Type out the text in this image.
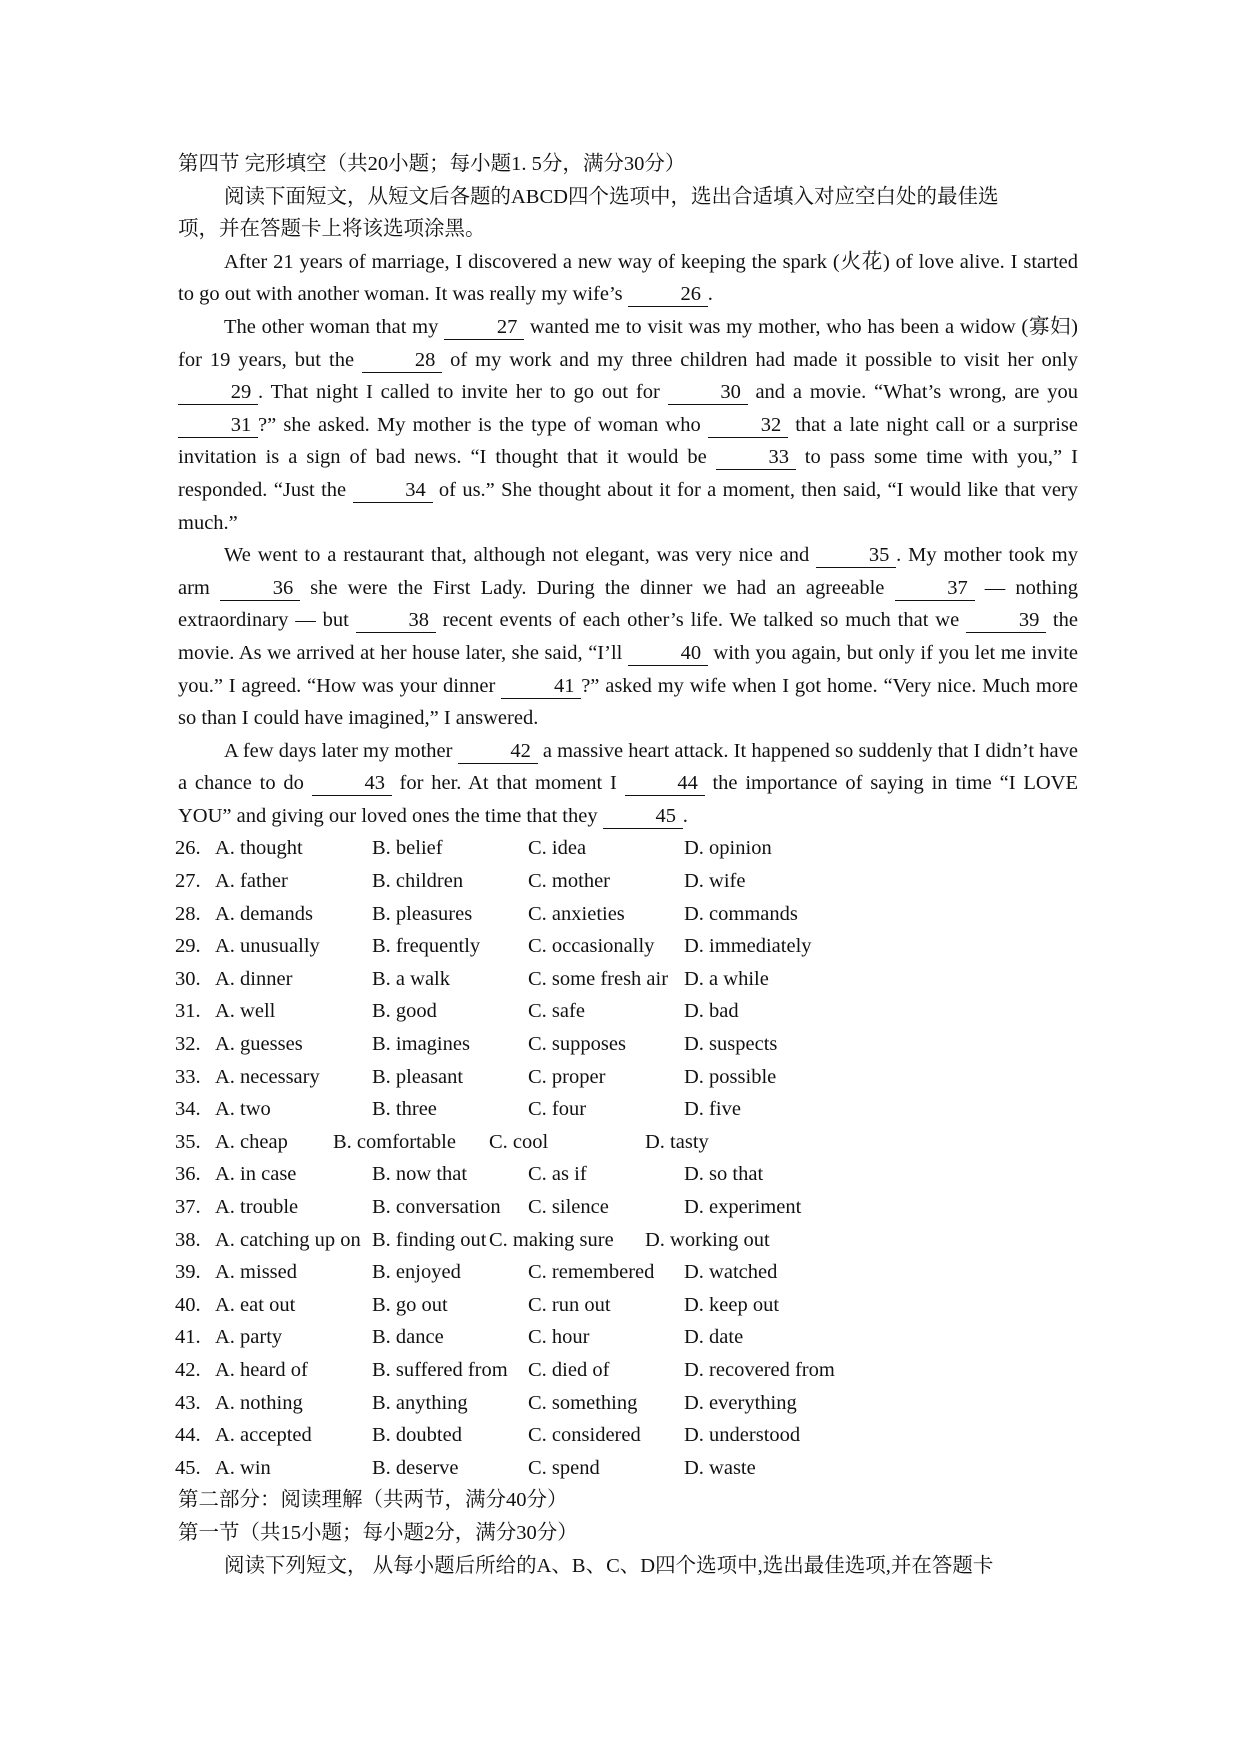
第四节 完形填空（共20小题；每小题1. 5分，满分30分）
阅读下面短文，从短文后各题的ABCD四个选项中，选出合适填入对应空白处的最佳选
项，并在答题卡上将该选项涂黑。
After 21 years of marriage, I discovered a new way of keeping the spark (火花) of love alive. I started to go out with another woman. It was really my wife’s	26 .
The other woman that my	27 wanted me to visit was my mother, who has been a widow (寡妇) for 19 years, but the	28 of my work and my three children had made it possible to visit her only 29 . That night I called to invite her to go out for	30 and a movie. “What’s wrong, are you 31 ?” she asked. My mother is the type of woman who	32 that a late night call or a surprise invitation is a sign of bad news. “I thought that it would be	33 to pass some time with you,” I responded. “Just the	34 of us.” She thought about it for a moment, then said, “I would like that very much.”
We went to a restaurant that, although not elegant, was very nice and	35 . My mother took my arm	36 she were the First Lady. During the dinner we had an agreeable	37 — nothing extraordinary — but	38 recent events of each other’s life. We talked so much that we	39 the movie. As we arrived at her house later, she said, “I’ll	40 with you again, but only if you let me invite you.” I agreed. “How was your dinner	41 ?” asked my wife when I got home. “Very nice. Much more so than I could have imagined,” I answered.
A few days later my mother	42 a massive heart attack. It happened so suddenly that I didn’t have a chance to do	43 for her. At that moment I	44 the importance of saying in time “I LOVE YOU” and giving our loved ones the time that they	45 .
26. A. thought	B. belief	C. idea	D. opinion
27. A. father	B. children	C. mother	D. wife
28. A. demands	B. pleasures	C. anxieties	D. commands
29. A. unusually	B. frequently C. occasionally D. immediately
30. A. dinner	B. a walk	C. some fresh air D. a while
31. A. well	B. good	C. safe	D. bad
32. A. guesses	B. imagines	C. supposes	D. suspects
33. A. necessary	B. pleasant	C. proper	D. possible
34. A. two	B. three	C. four	D. five
35. A. cheap B. comfortable C. cool	D. tasty
36. A. in case	B. now that	C. as if	D. so that
37. A. trouble	B. conversation C. silence	D. experiment
38. A. catching up on B. finding out C. making sure D. working out
39. A. missed	B. enjoyed	C. remembered D. watched
40. A. eat out	B. go out	C. run out	D. keep out
41. A. party	B. dance	C. hour	D. date
42. A. heard of	B. suffered from C. died of	D. recovered from
43. A. nothing	B. anything	C. something D. everything
44. A. accepted	B. doubted	C. considered D. understood
45. A. win	B. deserve	C. spend	D. waste
第二部分：阅读理解（共两节，满分40分）
第一节（共15小题；每小题2分，满分30分）
阅读下列短文， 从每小题后所给的A、B、C、D四个选项中,选出最佳选项,并在答题卡
